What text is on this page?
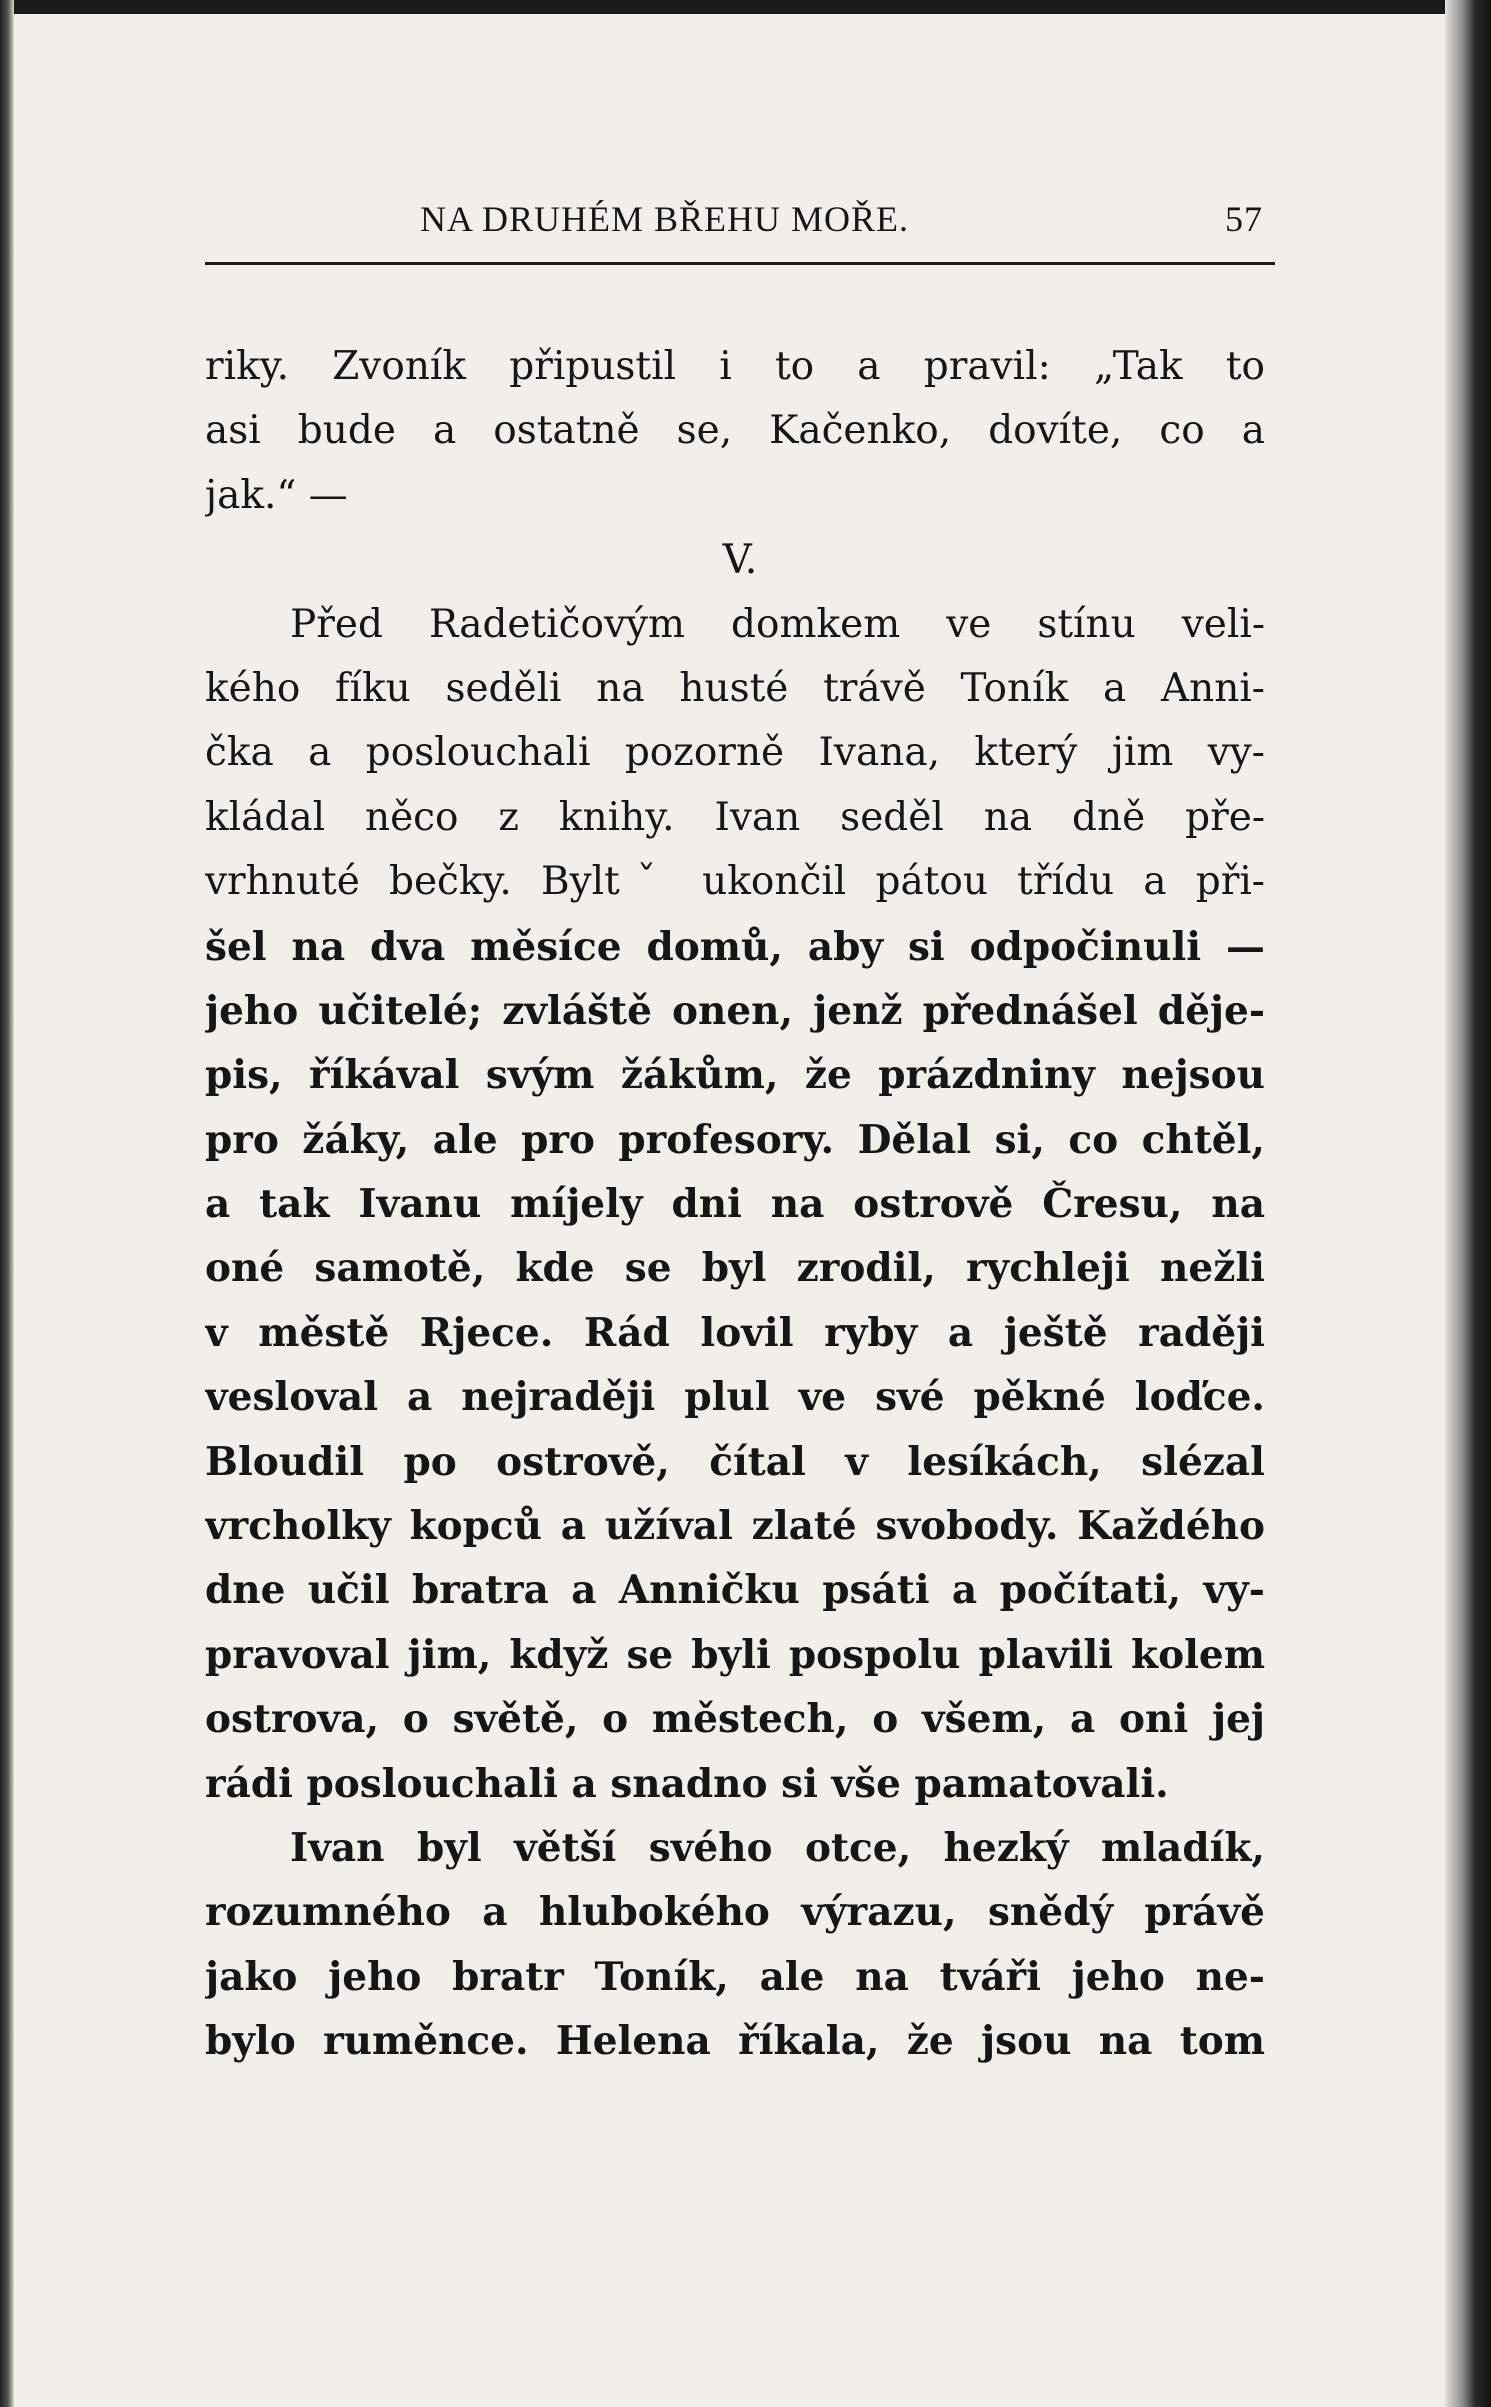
NA DRUHÉM BŘEHU MOŘE.	57
riky. Zvoník připustil i to a pravil: „Tak to
asi bude a ostatně se, Kačenko, dovíte, co a
jak.“ —
V.
Před Radetičovým domkem ve stínu veli-
kého fíku seděli na husté trávě Toník a Anni-
čka a poslouchali pozorně Ivana, který jim vy-
kládal něco z knihy. Ivan seděl na dně pře-
vrhnuté bečky. Byltˇ ukončil pátou třídu a při-
šel na dva měsíce domů, aby si odpočinuli —
jeho učitelé; zvláště onen, jenž přednášel děje-
pis, říkával svým žákům, že prázdniny nejsou
pro žáky, ale pro profesory. Dělal si, co chtěl,
a tak Ivanu míjely dni na ostrově Čresu, na
oné samotě, kde se byl zrodil, rychleji nežli
v městě Rjece. Rád lovil ryby a ještě raději
vesloval a nejraději plul ve své pěkné loďce.
Bloudil po ostrově, čítal v lesíkách, slézal
vrcholky kopců a užíval zlaté svobody. Každého
dne učil bratra a Anničku psáti a počítati, vy-
pravoval jim, když se byli pospolu plavili kolem
ostrova, o světě, o městech, o všem, a oni jej
rádi poslouchali a snadno si vše pamatovali.
Ivan byl větší svého otce, hezký mladík,
rozumného a hlubokého výrazu, snědý právě
jako jeho bratr Toník, ale na tváři jeho ne-
bylo ruměnce. Helena říkala, že jsou na tom
